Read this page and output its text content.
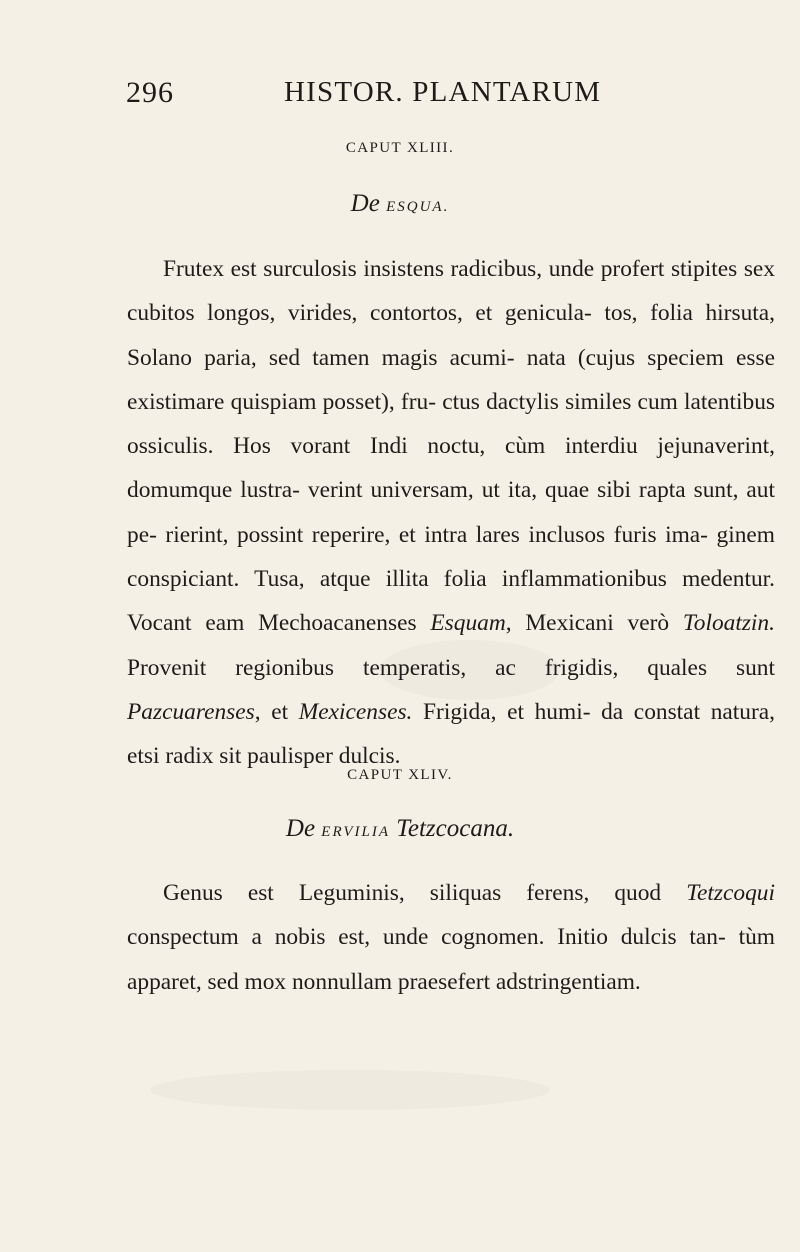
296	HISTOR. PLANTARUM
CAPUT XLIII.
De ESQUA.

Frutex est surculosis insistens radicibus, unde profert stipites sex cubitos longos, virides, contortos, et genicula- tos, folia hirsuta, Solano paria, sed tamen magis acumi- nata (cujus speciem esse existimare quispiam posset), fru- ctus dactylis similes cum latentibus ossiculis. Hos vorant Indi noctu, cùm interdiu jejunaverint, domumque lustra- verint universam, ut ita, quae sibi rapta sunt, aut pe- rierint, possint reperire, et intra lares inclusos furis ima- ginem conspiciant. Tusa, atque illita folia inflammationibus medentur. Vocant eam Mechoacanenses Esquam, Mexicani verò Toloatzin. Provenit regionibus temperatis, ac frigidis, quales sunt Pazcuarenses, et Mexicenses. Frigida, et humi- da constat natura, etsi radix sit paulisper dulcis.

CAPUT XLIV.
De ERVILIA Tetzcocana.

Genus est Leguminis, siliquas ferens, quod Tetzcoqui conspectum a nobis est, unde cognomen. Initio dulcis tan- tùm apparet, sed mox nonnullam praesefert adstringentiam.
